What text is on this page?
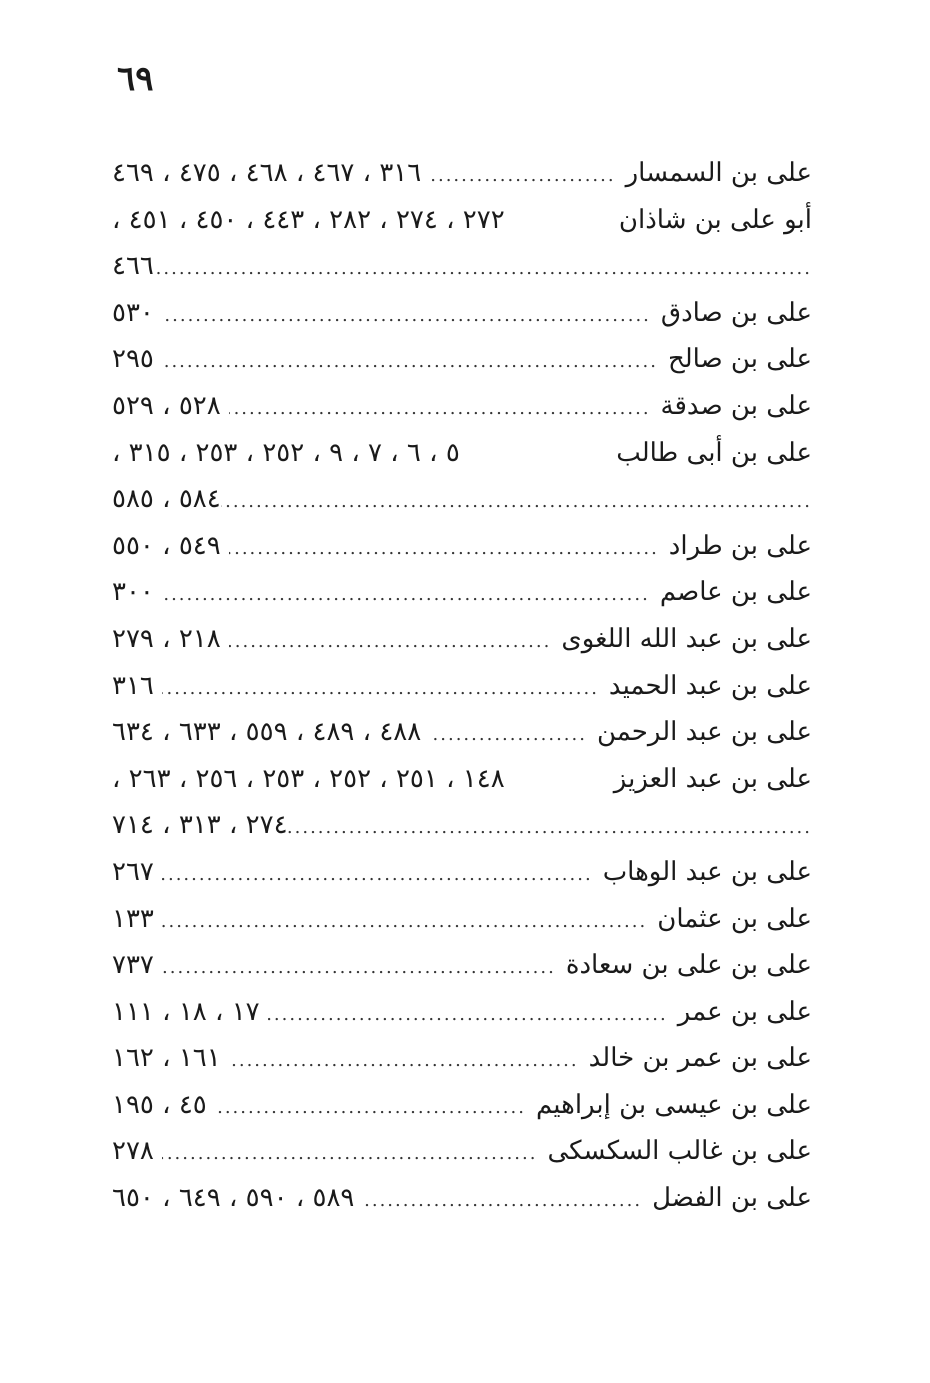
٦٩
على بن السمسار
.....
٣١٦ ، ٤٦٧ ، ٤٦٨ ، ٤٧٥ ، ٤٦٩
أبو على بن شاذان
٢٧٢ ، ٢٧٤ ، ٢٨٢ ، ٤٤٣ ، ٤٥٠ ، ٤٥١ ،
.....
٤٦٦
على بن صادق
.....
٥٣٠
على بن صالح
.....
٢٩٥
على بن صدقة
.....
٥٢٨ ، ٥٢٩
على بن أبى طالب
٥ ، ٦ ، ٧ ، ٩ ، ٢٥٢ ، ٢٥٣ ، ٣١٥ ،
.....
٥٨٤ ، ٥٨٥
على بن طراد
.....
٥٤٩ ، ٥٥٠
على بن عاصم
.....
٣٠٠
على بن عبد الله اللغوى
.....
٢١٨ ، ٢٧٩
على بن عبد الحميد
.....
٣١٦
على بن عبد الرحمن
.....
٤٨٨ ، ٤٨٩ ، ٥٥٩ ، ٦٣٣ ، ٦٣٤
على بن عبد العزيز
١٤٨ ، ٢٥١ ، ٢٥٢ ، ٢٥٣ ، ٢٥٦ ، ٢٦٣ ،
.....
٢٧٤ ، ٣١٣ ، ٧١٤
على بن عبد الوهاب
.....
٢٦٧
على بن عثمان
.....
١٣٣
على بن على بن سعادة
.....
٧٣٧
على بن عمر
.....
١٧ ، ١٨ ، ١١١
على بن عمر بن خالد
.....
١٦١ ، ١٦٢
على بن عيسى بن إبراهيم
.....
٤٥ ، ١٩٥
على بن غالب السكسكى
.....
٢٧٨
على بن الفضل
.....
٥٨٩ ، ٥٩٠ ، ٦٤٩ ، ٦٥٠
